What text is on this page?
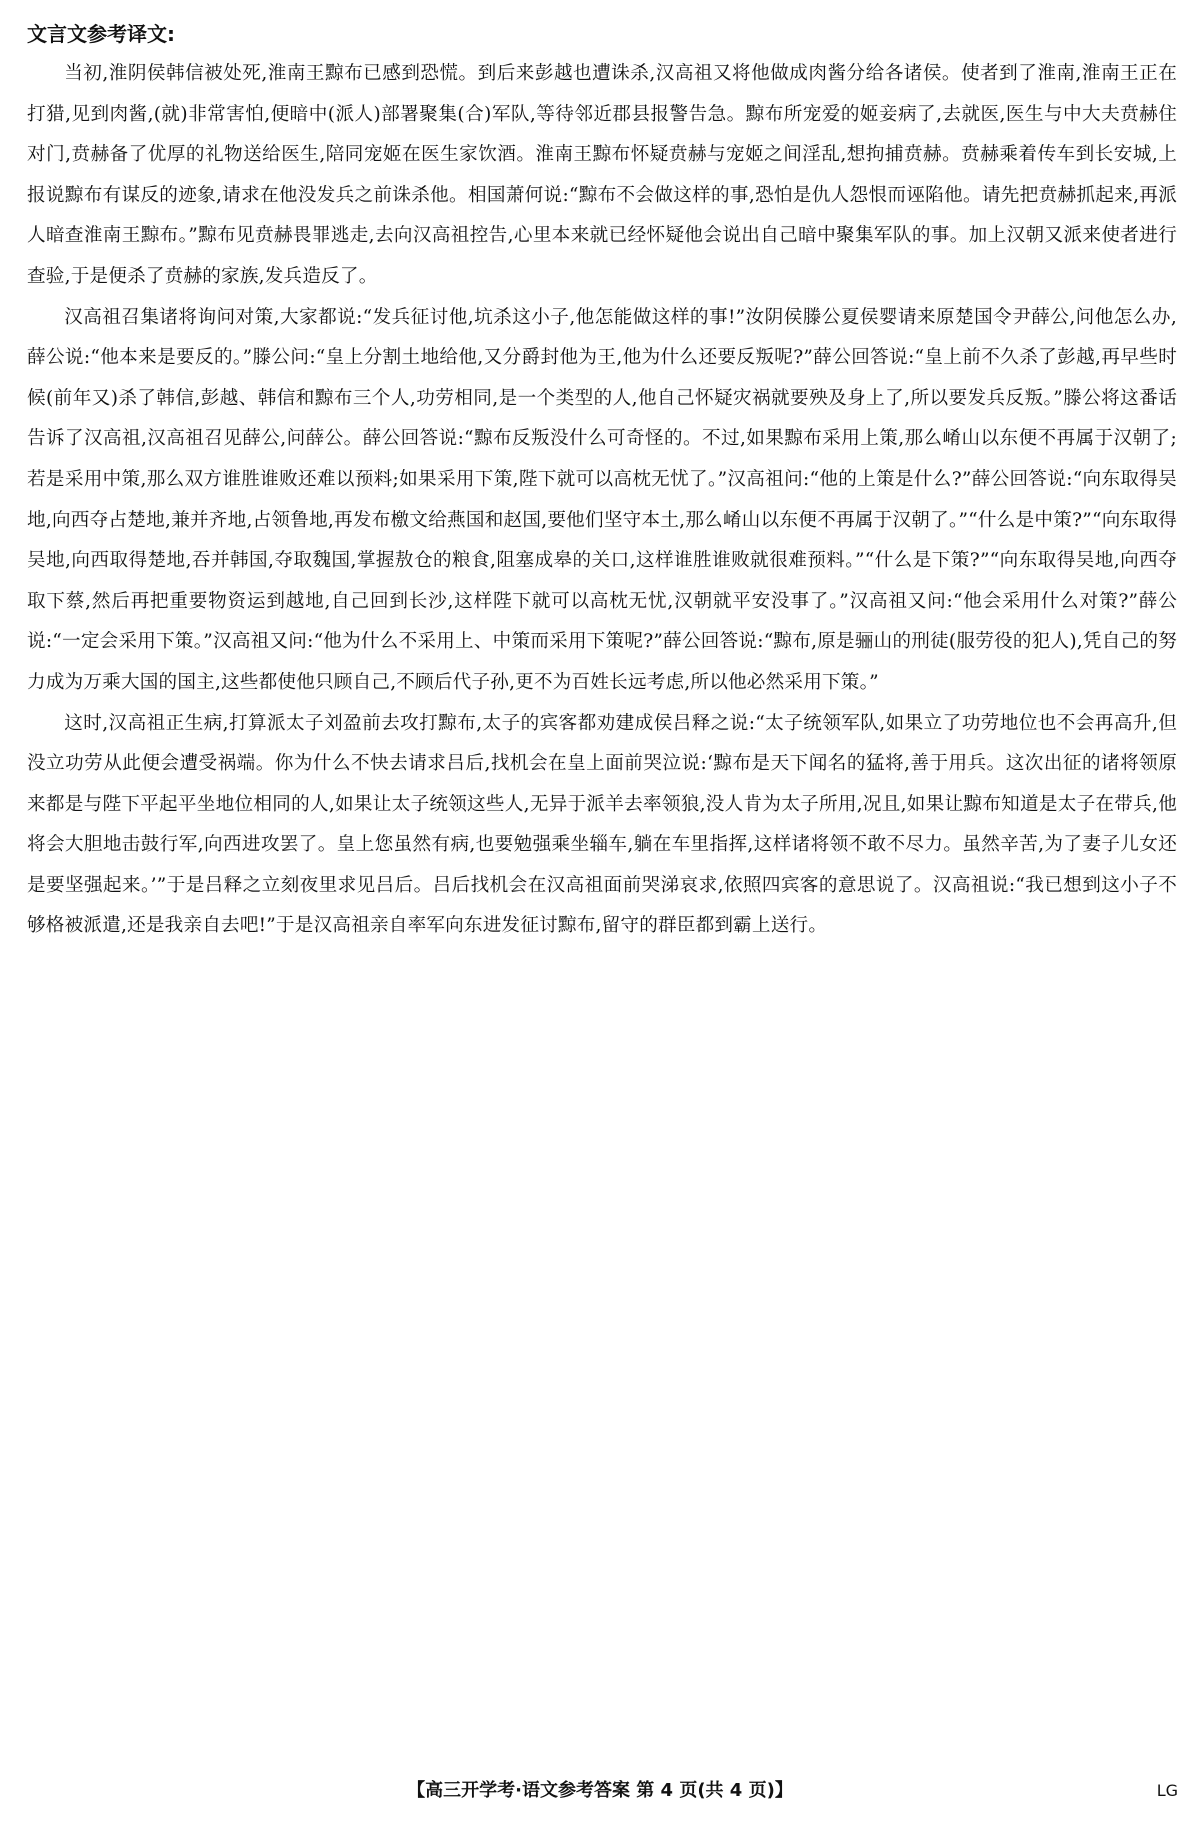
文言文参考译文:

当初,淮阴侯韩信被处死,淮南王黥布已感到恐慌。到后来彭越也遭诛杀,汉高祖又将他做成肉酱分给各诸侯。使者到了淮南,淮南王正在打猎,见到肉酱,(就)非常害怕,便暗中(派人)部署聚集(合)军队,等待邻近郡县报警告急。黥布所宠爱的姬妾病了,去就医,医生与中大夫贲赫住对门,贲赫备了优厚的礼物送给医生,陪同宠姬在医生家饮酒。淮南王黥布怀疑贲赫与宠姬之间淫乱,想拘捕贲赫。贲赫乘着传车到长安城,上报说黥布有谋反的迹象,请求在他没发兵之前诛杀他。相国萧何说:“黥布不会做这样的事,恐怕是仇人怨恨而诬陷他。请先把贲赫抓起来,再派人暗查淮南王黥布。”黥布见贲赫畏罪逃走,去向汉高祖控告,心里本来就已经怀疑他会说出自己暗中聚集军队的事。加上汉朝又派来使者进行查验,于是便杀了贲赫的家族,发兵造反了。

汉高祖召集诸将询问对策,大家都说:“发兵征讨他,坑杀这小子,他怎能做这样的事!”汝阴侯滕公夏侯婴请来原楚国令尹薛公,问他怎么办,薛公说:“他本来是要反的。”滕公问:“皇上分割土地给他,又分爵封他为王,他为什么还要反叛呢?”薛公回答说:“皇上前不久杀了彭越,再早些时候(前年又)杀了韩信,彭越、韩信和黥布三个人,功劳相同,是一个类型的人,他自己怀疑灾祸就要殃及身上了,所以要发兵反叛。”滕公将这番话告诉了汉高祖,汉高祖召见薛公,问薛公。薛公回答说:“黥布反叛没什么可奇怪的。不过,如果黥布采用上策,那么崤山以东便不再属于汉朝了;若是采用中策,那么双方谁胜谁败还难以预料;如果采用下策,陛下就可以高枕无忧了。”汉高祖问:“他的上策是什么?”薛公回答说:“向东取得吴地,向西夺占楚地,兼并齐地,占领鲁地,再发布檄文给燕国和赵国,要他们坚守本土,那么崤山以东便不再属于汉朝了。”“什么是中策?”“向东取得吴地,向西取得楚地,吞并韩国,夺取魏国,掌握敖仓的粮食,阻塞成皋的关口,这样谁胜谁败就很难预料。”“什么是下策?”“向东取得吴地,向西夺取下蔡,然后再把重要物资运到越地,自己回到长沙,这样陛下就可以高枕无忧,汉朝就平安没事了。”汉高祖又问:“他会采用什么对策?”薛公说:“一定会采用下策。”汉高祖又问:“他为什么不采用上、中策而采用下策呢?”薛公回答说:“黥布,原是骊山的刑徒(服劳役的犯人),凭自己的努力成为万乘大国的国主,这些都使他只顾自己,不顾后代子孙,更不为百姓长远考虑,所以他必然采用下策。”

这时,汉高祖正生病,打算派太子刘盈前去攻打黥布,太子的宾客都劝建成侯吕释之说:“太子统领军队,如果立了功劳地位也不会再高升,但没立功劳从此便会遭受祸端。你为什么不快去请求吕后,找机会在皇上面前哭泣说:‘黥布是天下闻名的猛将,善于用兵。这次出征的诸将领原来都是与陛下平起平坐地位相同的人,如果让太子统领这些人,无异于派羊去率领狼,没人肯为太子所用,况且,如果让黥布知道是太子在带兵,他将会大胆地击鼓行军,向西进攻罢了。皇上您虽然有病,也要勉强乘坐辎车,躺在车里指挥,这样诸将领不敢不尽力。虽然辛苦,为了妻子儿女还是要坚强起来。’”于是吕释之立刻夜里求见吕后。吕后找机会在汉高祖面前哭涕哀求,依照四宾客的意思说了。汉高祖说:“我已想到这小子不够格被派遣,还是我亲自去吧!”于是汉高祖亲自率军向东进发征讨黥布,留守的群臣都到霸上送行。

【高三开学考·语文参考答案 第 4 页(共 4 页)】	LG
